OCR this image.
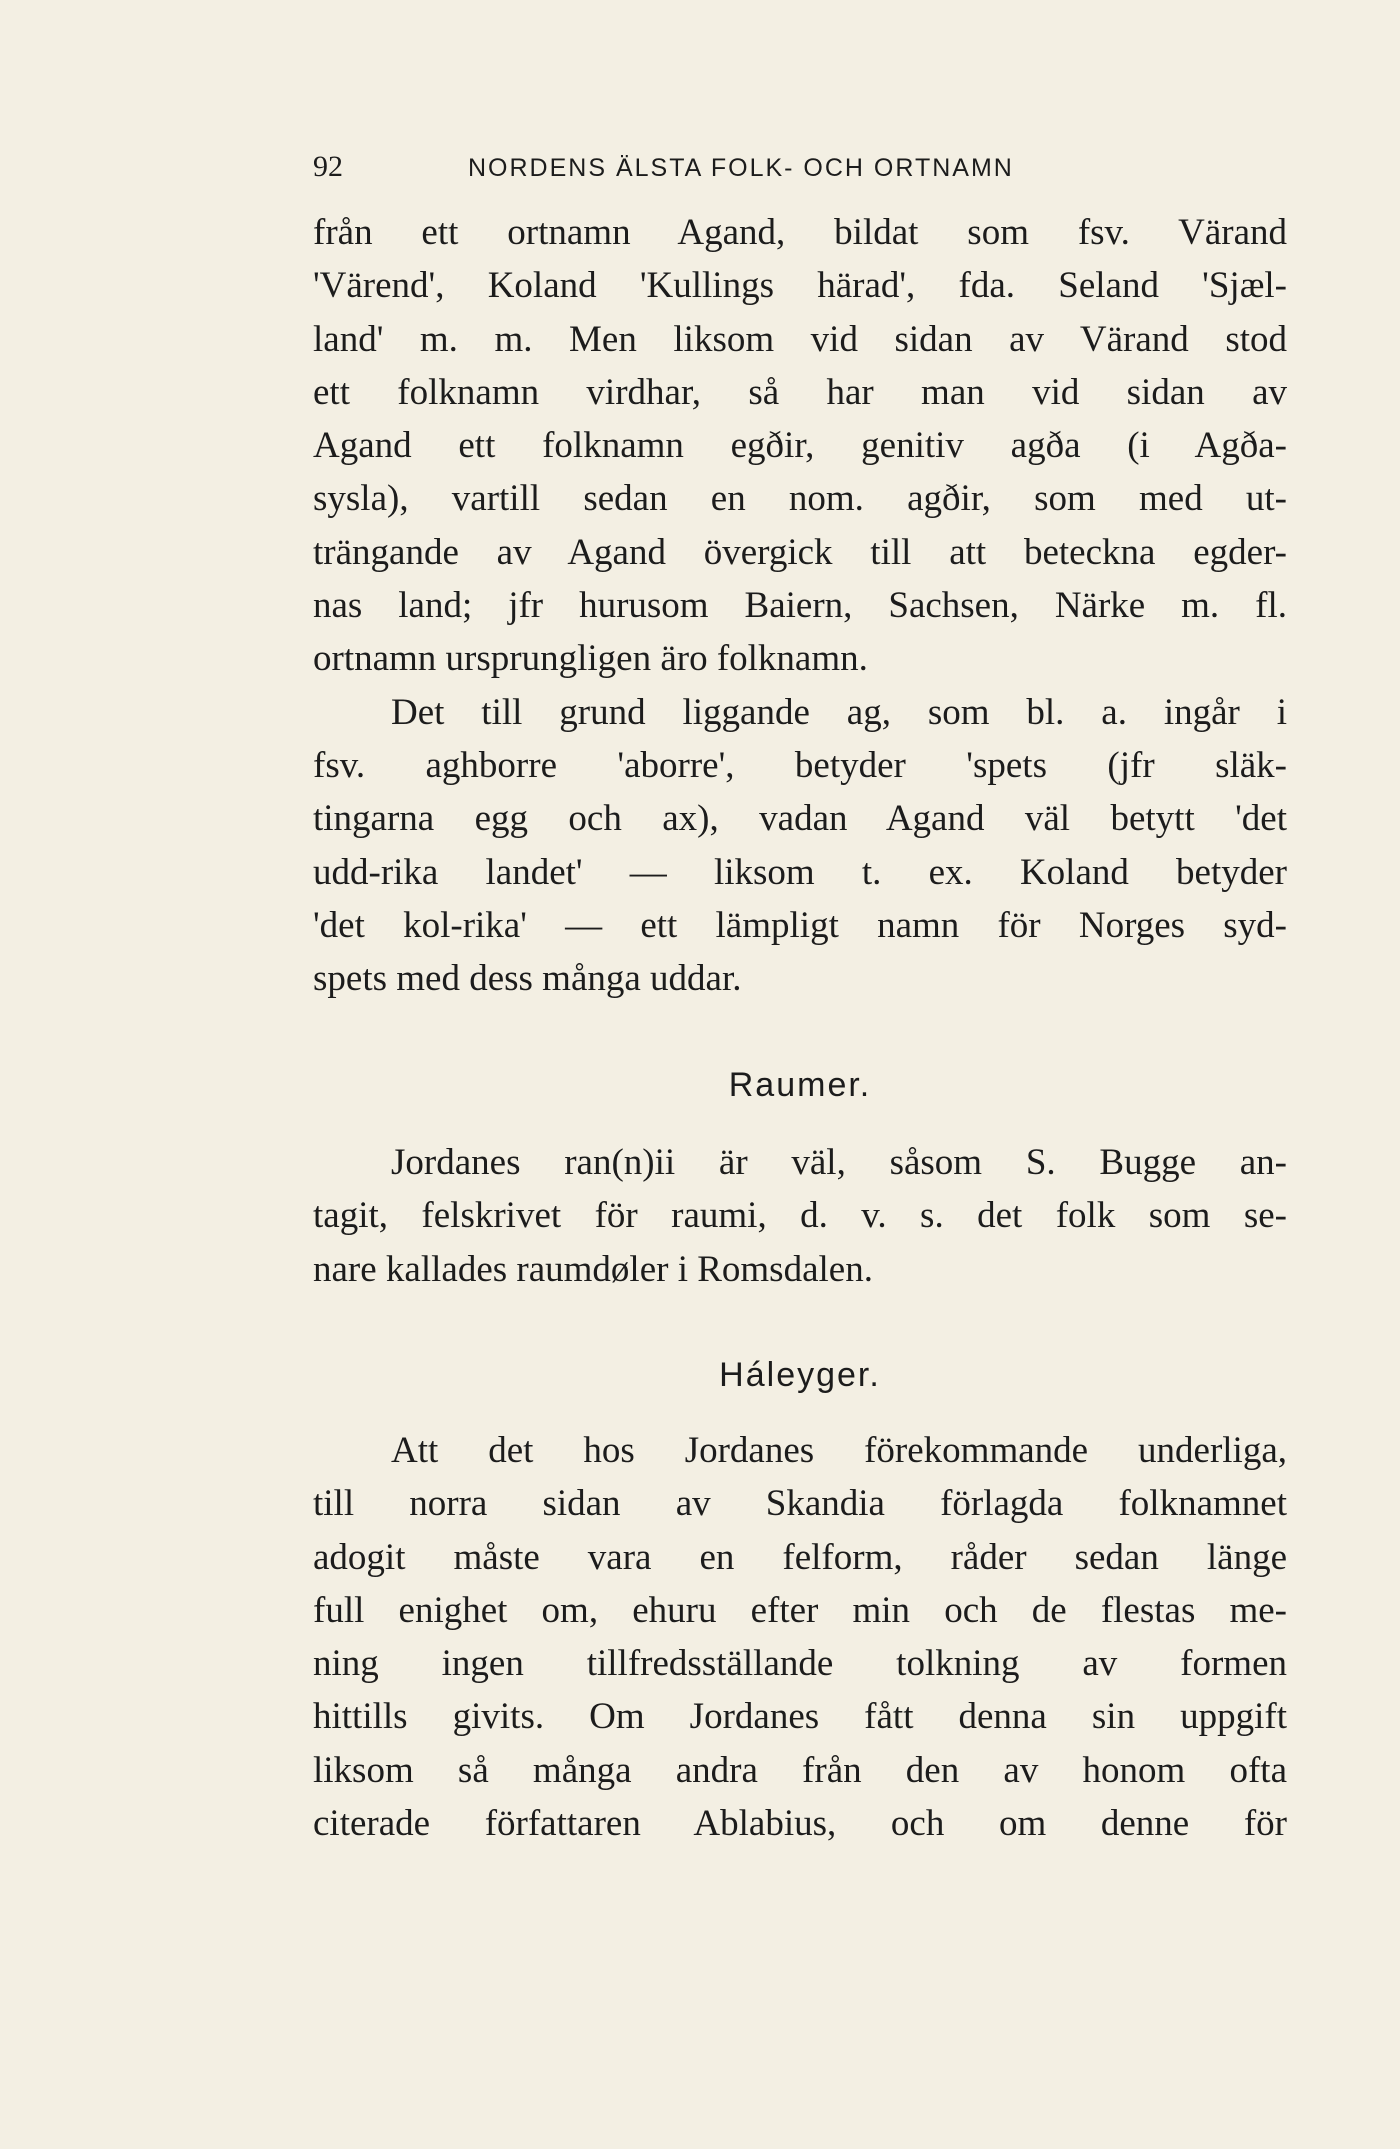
92	NORDENS ÄLSTA FOLK- OCH ORTNAMN
från ett ortnamn Agand, bildat som fsv. Värand
'Värend', Koland 'Kullings härad', fda. Seland 'Sjæl-
land' m. m. Men liksom vid sidan av Värand stod
ett folknamn virdhar, så har man vid sidan av
Agand ett folknamn egðir, genitiv agða (i Agða-
sysla), vartill sedan en nom. agðir, som med ut-
trängande av Agand övergick till att beteckna egder-
nas land; jfr hurusom Baiern, Sachsen, Närke m. fl.
ortnamn ursprungligen äro folknamn.
Det till grund liggande ag, som bl. a. ingår i
fsv. aghborre 'aborre', betyder 'spets (jfr släk-
tingarna egg och ax), vadan Agand väl betytt 'det
udd-rika landet' — liksom t. ex. Koland betyder
'det kol-rika' — ett lämpligt namn för Norges syd-
spets med dess många uddar.
Raumer.
Jordanes ran(n)ii är väl, såsom S. Bugge an-
tagit, felskrivet för raumi, d. v. s. det folk som se-
nare kallades raumdøler i Romsdalen.
Háleyger.
Att det hos Jordanes förekommande underliga,
till norra sidan av Skandia förlagda folknamnet
adogit måste vara en felform, råder sedan länge
full enighet om, ehuru efter min och de flestas me-
ning ingen tillfredsställande tolkning av formen
hittills givits. Om Jordanes fått denna sin uppgift
liksom så många andra från den av honom ofta
citerade författaren Ablabius, och om denne för
